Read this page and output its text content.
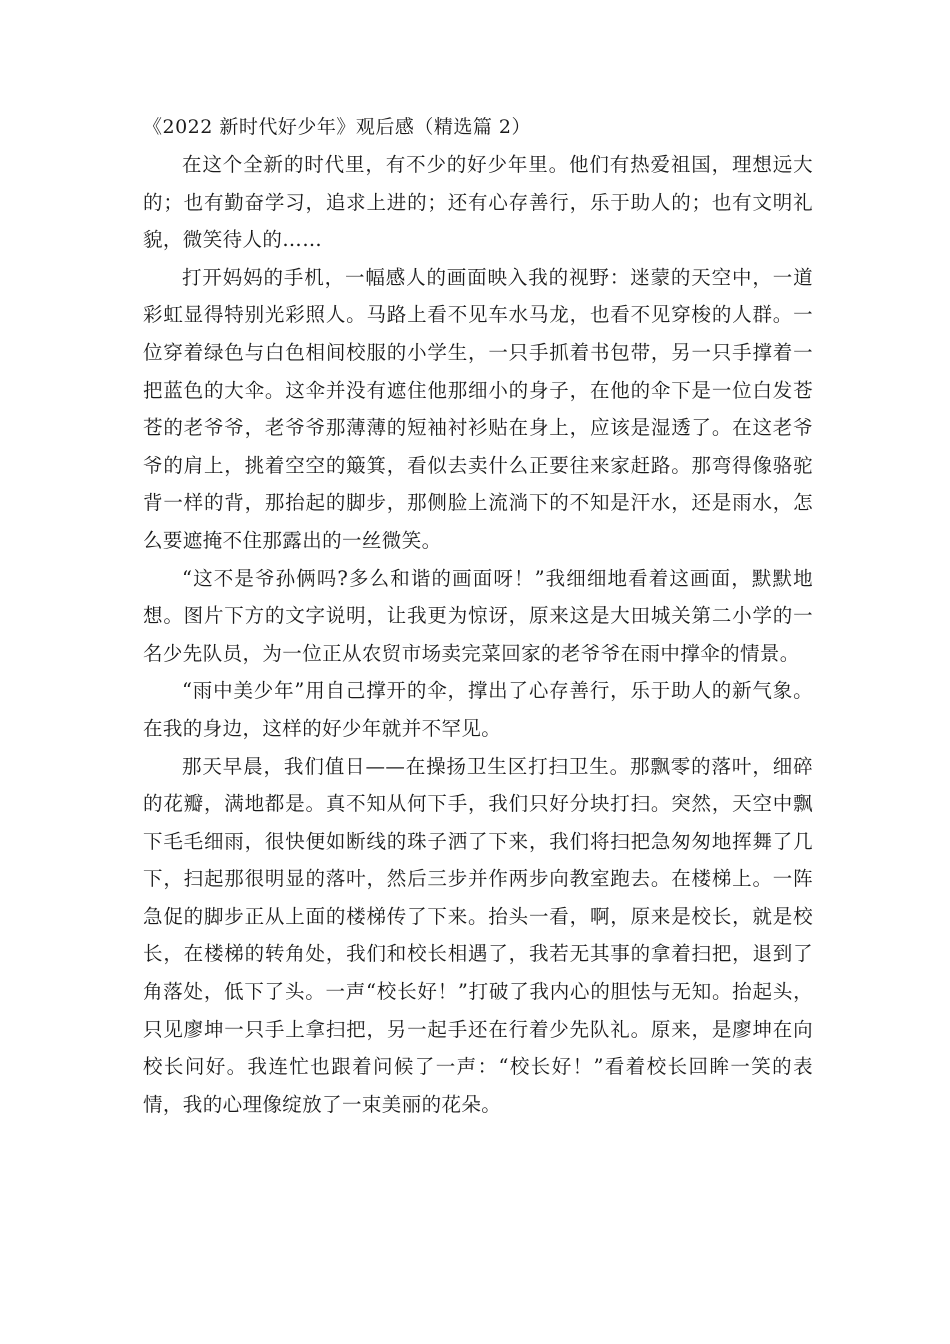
《2022 新时代好少年》观后感（精选篇 2）

在这个全新的时代里，有不少的好少年里。他们有热爱祖国，理想远大的；也有勤奋学习，追求上进的；还有心存善行，乐于助人的；也有文明礼貌，微笑待人的……

打开妈妈的手机，一幅感人的画面映入我的视野：迷蒙的天空中，一道彩虹显得特别光彩照人。马路上看不见车水马龙，也看不见穿梭的人群。一位穿着绿色与白色相间校服的小学生，一只手抓着书包带，另一只手撑着一把蓝色的大伞。这伞并没有遮住他那细小的身子，在他的伞下是一位白发苍苍的老爷爷，老爷爷那薄薄的短袖衬衫贴在身上，应该是湿透了。在这老爷爷的肩上，挑着空空的簸箕，看似去卖什么正要往来家赶路。那弯得像骆驼背一样的背，那抬起的脚步，那侧脸上流淌下的不知是汗水，还是雨水，怎么要遮掩不住那露出的一丝微笑。

“这不是爷孙俩吗?多么和谐的画面呀！”我细细地看着这画面，默默地想。图片下方的文字说明，让我更为惊讶，原来这是大田城关第二小学的一名少先队员，为一位正从农贸市场卖完菜回家的老爷爷在雨中撑伞的情景。

“雨中美少年”用自己撑开的伞，撑出了心存善行，乐于助人的新气象。在我的身边，这样的好少年就并不罕见。

那天早晨，我们值日——在操扬卫生区打扫卫生。那飘零的落叶，细碎的花瓣，满地都是。真不知从何下手，我们只好分块打扫。突然，天空中飘下毛毛细雨，很快便如断线的珠子洒了下来，我们将扫把急匆匆地挥舞了几下，扫起那很明显的落叶，然后三步并作两步向教室跑去。在楼梯上。一阵急促的脚步正从上面的楼梯传了下来。抬头一看，啊，原来是校长，就是校长，在楼梯的转角处，我们和校长相遇了，我若无其事的拿着扫把，退到了角落处，低下了头。一声“校长好！”打破了我内心的胆怯与无知。抬起头，只见廖坤一只手上拿扫把，另一起手还在行着少先队礼。原来，是廖坤在向校长问好。我连忙也跟着问候了一声：“校长好！”看着校长回眸一笑的表情，我的心理像绽放了一束美丽的花朵。
